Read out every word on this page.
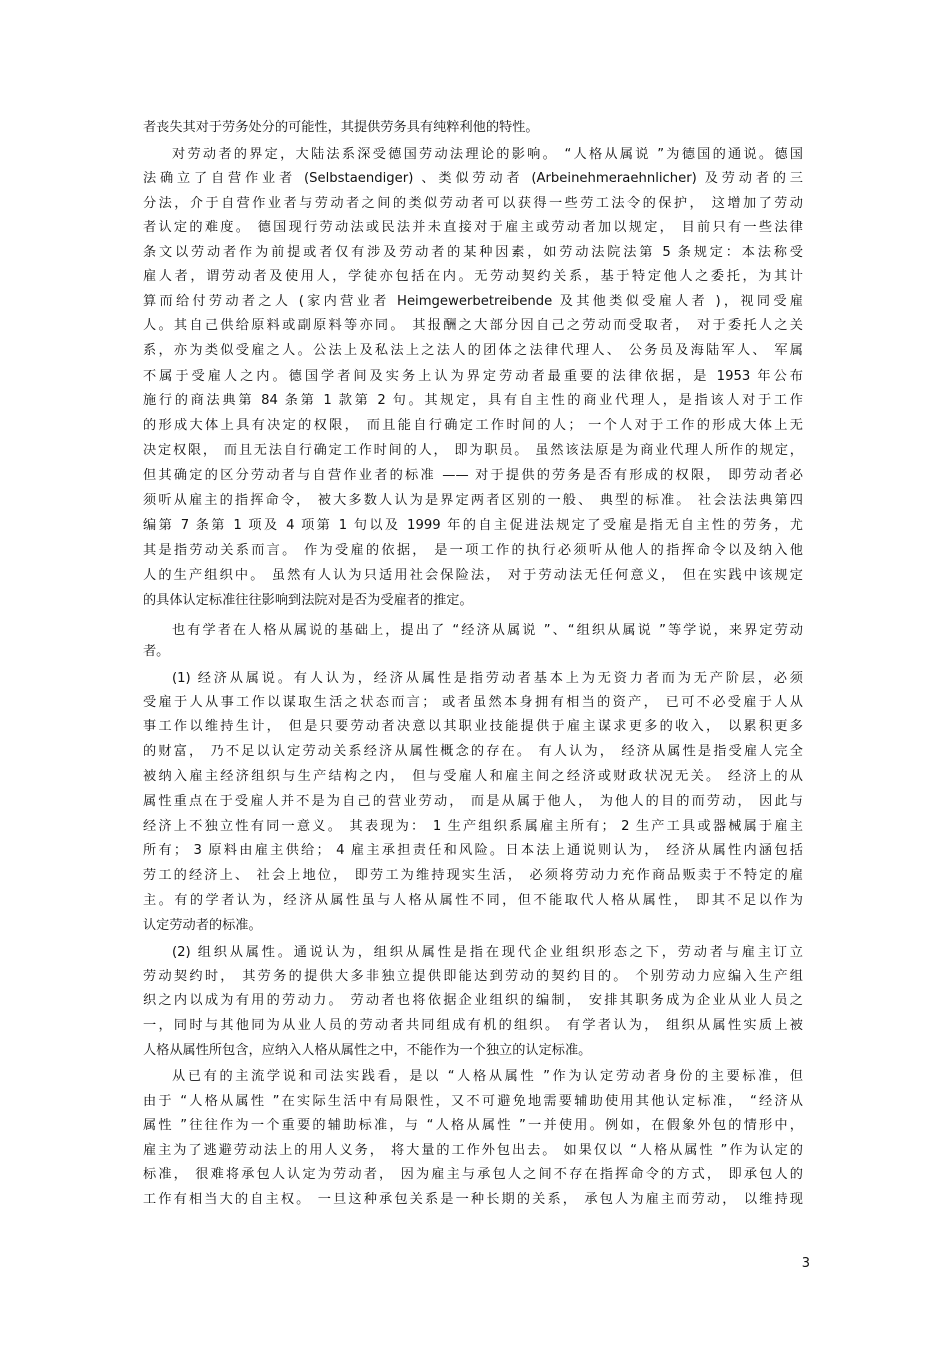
者丧失其对于劳务处分的可能性，其提供劳务具有纯粹利他的特性。
对劳动者的界定，大陆法系深受德国劳动法理论的影响。 “人格从属说 ”为德国的通说。德国
法确立了自营作业者 (Selbstaendiger) 、类似劳动者 (Arbeinehmeraehnlicher) 及劳动者的三
分法，介于自营作业者与劳动者之间的类似劳动者可以获得一些劳工法令的保护， 这增加了劳动
者认定的难度。 德国现行劳动法或民法并未直接对于雇主或劳动者加以规定， 目前只有一些法律
条文以劳动者作为前提或者仅有涉及劳动者的某种因素，如劳动法院法第 5 条规定：本法称受
雇人者，谓劳动者及使用人，学徒亦包括在内。无劳动契约关系，基于特定他人之委托，为其计
算而给付劳动者之人 (家内营业者 Heimgewerbetreibende 及其他类似受雇人者 )，视同受雇
人。其自己供给原料或副原料等亦同。 其报酬之大部分因自己之劳动而受取者， 对于委托人之关
系，亦为类似受雇之人。公法上及私法上之法人的团体之法律代理人、 公务员及海陆军人、 军属
不属于受雇人之内。德国学者间及实务上认为界定劳动者最重要的法律依据，是 1953 年公布
施行的商法典第 84 条第 1 款第 2 句。其规定，具有自主性的商业代理人，是指该人对于工作
的形成大体上具有决定的权限， 而且能自行确定工作时间的人； 一个人对于工作的形成大体上无
决定权限， 而且无法自行确定工作时间的人， 即为职员。 虽然该法原是为商业代理人所作的规定，
但其确定的区分劳动者与自营作业者的标准 —— 对于提供的劳务是否有形成的权限， 即劳动者必
须听从雇主的指挥命令， 被大多数人认为是界定两者区别的一般、 典型的标准。 社会法法典第四
编第 7 条第 1 项及 4 项第 1 句以及 1999 年的自主促进法规定了受雇是指无自主性的劳务，尤
其是指劳动关系而言。 作为受雇的依据， 是一项工作的执行必须听从他人的指挥命令以及纳入他
人的生产组织中。 虽然有人认为只适用社会保险法， 对于劳动法无任何意义， 但在实践中该规定
的具体认定标准往往影响到法院对是否为受雇者的推定。
也有学者在人格从属说的基础上，提出了 “经济从属说 ”、“组织从属说 ”等学说，来界定劳动
者。
(1) 经济从属说。有人认为，经济从属性是指劳动者基本上为无资力者而为无产阶层，必须
受雇于人从事工作以谋取生活之状态而言； 或者虽然本身拥有相当的资产， 已可不必受雇于人从
事工作以维持生计， 但是只要劳动者决意以其职业技能提供于雇主谋求更多的收入， 以累积更多
的财富， 乃不足以认定劳动关系经济从属性概念的存在。 有人认为， 经济从属性是指受雇人完全
被纳入雇主经济组织与生产结构之内， 但与受雇人和雇主间之经济或财政状况无关。 经济上的从
属性重点在于受雇人并不是为自己的营业劳动， 而是从属于他人， 为他人的目的而劳动， 因此与
经济上不独立性有同一意义。 其表现为： 1 生产组织系属雇主所有； 2 生产工具或器械属于雇主
所有； 3 原料由雇主供给； 4 雇主承担责任和风险。日本法上通说则认为， 经济从属性内涵包括
劳工的经济上、 社会上地位， 即劳工为维持现实生活， 必须将劳动力充作商品贩卖于不特定的雇
主。有的学者认为，经济从属性虽与人格从属性不同，但不能取代人格从属性， 即其不足以作为
认定劳动者的标准。
(2) 组织从属性。通说认为，组织从属性是指在现代企业组织形态之下，劳动者与雇主订立
劳动契约时， 其劳务的提供大多非独立提供即能达到劳动的契约目的。 个别劳动力应编入生产组
织之内以成为有用的劳动力。 劳动者也将依据企业组织的编制， 安排其职务成为企业从业人员之
一，同时与其他同为从业人员的劳动者共同组成有机的组织。 有学者认为， 组织从属性实质上被
人格从属性所包含，应纳入人格从属性之中，不能作为一个独立的认定标准。
从已有的主流学说和司法实践看，是以 “人格从属性 ”作为认定劳动者身份的主要标准，但
由于 “人格从属性 ”在实际生活中有局限性，又不可避免地需要辅助使用其他认定标准， “经济从
属性 ”往往作为一个重要的辅助标准，与 “人格从属性 ”一并使用。例如，在假象外包的情形中，
雇主为了逃避劳动法上的用人义务， 将大量的工作外包出去。 如果仅以 “人格从属性 ”作为认定的
标准， 很难将承包人认定为劳动者， 因为雇主与承包人之间不存在指挥命令的方式， 即承包人的
工作有相当大的自主权。 一旦这种承包关系是一种长期的关系， 承包人为雇主而劳动， 以维持现
3
